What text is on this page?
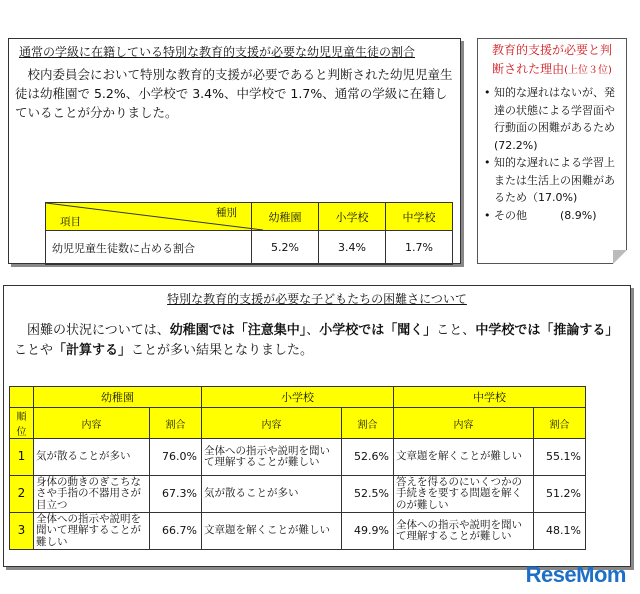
通常の学級に在籍している特別な教育的支援が必要な幼児児童生徒の割合

校内委員会において特別な教育的支援が必要であると判断された幼児児童生徒は幼稚園で 5.2%、小学校で 3.4%、中学校で 1.7%、通常の学級に在籍していることが分かりました。

種別
項目	幼稚園	小学校	中学校
幼児児童生徒数に占める割合	5.2%	3.4%	1.7%
教育的支援が必要と判
断された理由(上位３位)
• 知的な遅れはないが、発達の状態による学習面や行動面の困難があるため　(72.2%)
• 知的な遅れによる学習上または生活上の困難があるため（17.0%)
• その他　　　(8.9%)
特別な教育的支援が必要な子どもたちの困難さについて

困難の状況については、幼稚園では「注意集中」、小学校では「聞く」こと、中学校では「推論する」ことや「計算する」ことが多い結果となりました。

	幼稚園		小学校		中学校	
順位	内容	割合	内容	割合	内容	割合
1	気が散ることが多い	76.0%	全体への指示や説明を聞いて理解することが難しい	52.6%	文章題を解くことが難しい	55.1%
2	身体の動きのぎこちなさや手指の不器用さが目立つ	67.3%	気が散ることが多い	52.5%	答えを得るのにいくつかの手続きを要する問題を解くのが難しい	51.2%
3	全体への指示や説明を聞いて理解することが難しい	66.7%	文章題を解くことが難しい	49.9%	全体への指示や説明を聞いて理解することが難しい	48.1%
ReseMom
